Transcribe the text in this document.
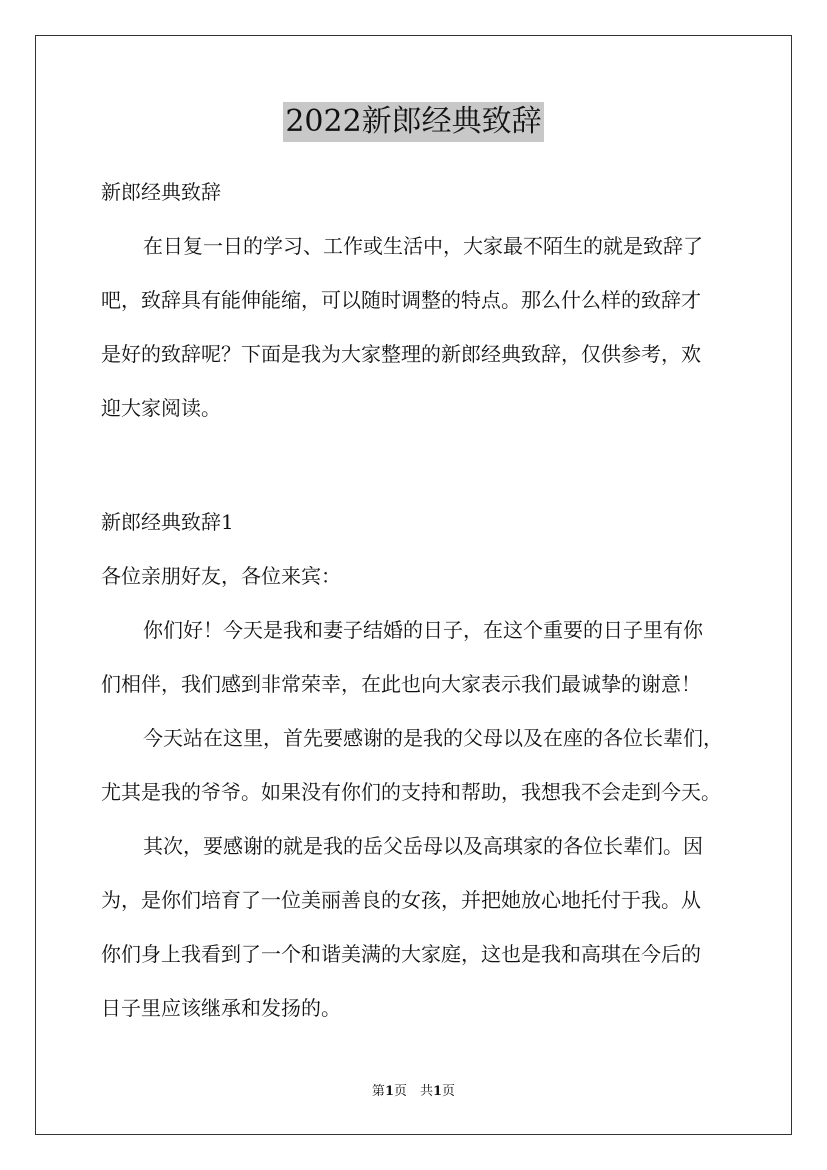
2022新郎经典致辞
新郎经典致辞
在日复一日的学习、工作或生活中，大家最不陌生的就是致辞了
吧，致辞具有能伸能缩，可以随时调整的特点。那么什么样的致辞才
是好的致辞呢？下面是我为大家整理的新郎经典致辞，仅供参考，欢
迎大家阅读。
新郎经典致辞1
各位亲朋好友，各位来宾：
你们好！今天是我和妻子结婚的日子，在这个重要的日子里有你
们相伴，我们感到非常荣幸，在此也向大家表示我们最诚挚的谢意！
今天站在这里，首先要感谢的是我的父母以及在座的各位长辈们，
尤其是我的爷爷。如果没有你们的支持和帮助，我想我不会走到今天。
其次，要感谢的就是我的岳父岳母以及高琪家的各位长辈们。因
为，是你们培育了一位美丽善良的女孩，并把她放心地托付于我。从
你们身上我看到了一个和谐美满的大家庭，这也是我和高琪在今后的
日子里应该继承和发扬的。
第1页　共1页
